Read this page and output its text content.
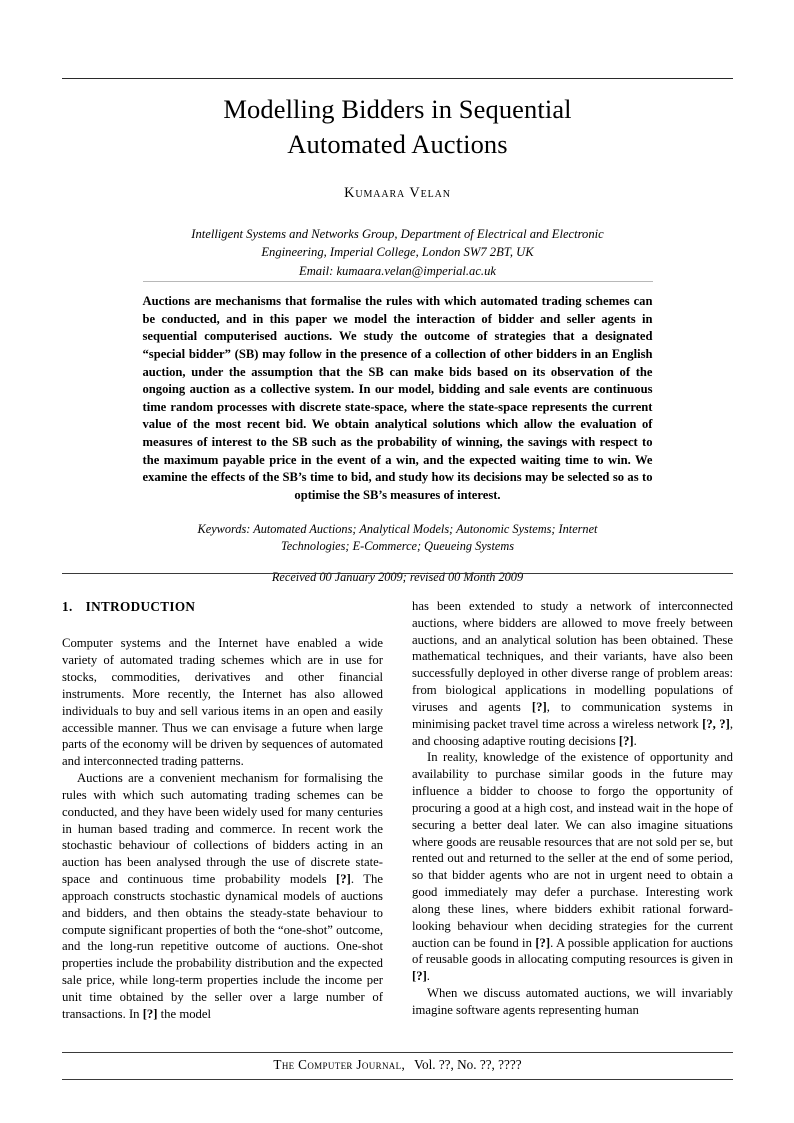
Modelling Bidders in Sequential
Automated Auctions
Kumaara Velan
Intelligent Systems and Networks Group, Department of Electrical and Electronic
Engineering, Imperial College, London SW7 2BT, UK
Email: kumaara.velan@imperial.ac.uk
Auctions are mechanisms that formalise the rules with which automated trading schemes can be conducted, and in this paper we model the interaction of bidder and seller agents in sequential computerised auctions. We study the outcome of strategies that a designated “special bidder” (SB) may follow in the presence of a collection of other bidders in an English auction, under the assumption that the SB can make bids based on its observation of the ongoing auction as a collective system. In our model, bidding and sale events are continuous time random processes with discrete state-space, where the state-space represents the current value of the most recent bid. We obtain analytical solutions which allow the evaluation of measures of interest to the SB such as the probability of winning, the savings with respect to the maximum payable price in the event of a win, and the expected waiting time to win. We examine the effects of the SB’s time to bid, and study how its decisions may be selected so as to optimise the SB’s measures of interest.
Keywords: Automated Auctions; Analytical Models; Autonomic Systems; Internet Technologies; E-Commerce; Queueing Systems
Received 00 January 2009; revised 00 Month 2009
1. INTRODUCTION

Computer systems and the Internet have enabled a wide variety of automated trading schemes which are in use for stocks, commodities, derivatives and other financial instruments. More recently, the Internet has also allowed individuals to buy and sell various items in an open and easily accessible manner. Thus we can envisage a future when large parts of the economy will be driven by sequences of automated and interconnected trading patterns.

Auctions are a convenient mechanism for formalising the rules with which such automating trading schemes can be conducted, and they have been widely used for many centuries in human based trading and commerce. In recent work the stochastic behaviour of collections of bidders acting in an auction has been analysed through the use of discrete state-space and continuous time probability models [?]. The approach constructs stochastic dynamical models of auctions and bidders, and then obtains the steady-state behaviour to compute significant properties of both the “one-shot” outcome, and the long-run repetitive outcome of auctions. One-shot properties include the probability distribution and the expected sale price, while long-term properties include the income per unit time obtained by the seller over a large number of transactions. In [?] the model

has been extended to study a network of interconnected auctions, where bidders are allowed to move freely between auctions, and an analytical solution has been obtained. These mathematical techniques, and their variants, have also been successfully deployed in other diverse range of problem areas: from biological applications in modelling populations of viruses and agents [?], to communication systems in minimising packet travel time across a wireless network [?, ?], and choosing adaptive routing decisions [?].

In reality, knowledge of the existence of opportunity and availability to purchase similar goods in the future may influence a bidder to choose to forgo the opportunity of procuring a good at a high cost, and instead wait in the hope of securing a better deal later. We can also imagine situations where goods are reusable resources that are not sold per se, but rented out and returned to the seller at the end of some period, so that bidder agents who are not in urgent need to obtain a good immediately may defer a purchase. Interesting work along these lines, where bidders exhibit rational forward-looking behaviour when deciding strategies for the current auction can be found in [?]. A possible application for auctions of reusable goods in allocating computing resources is given in [?].

When we discuss automated auctions, we will invariably imagine software agents representing human

The Computer Journal, Vol. ??, No. ??, ????
